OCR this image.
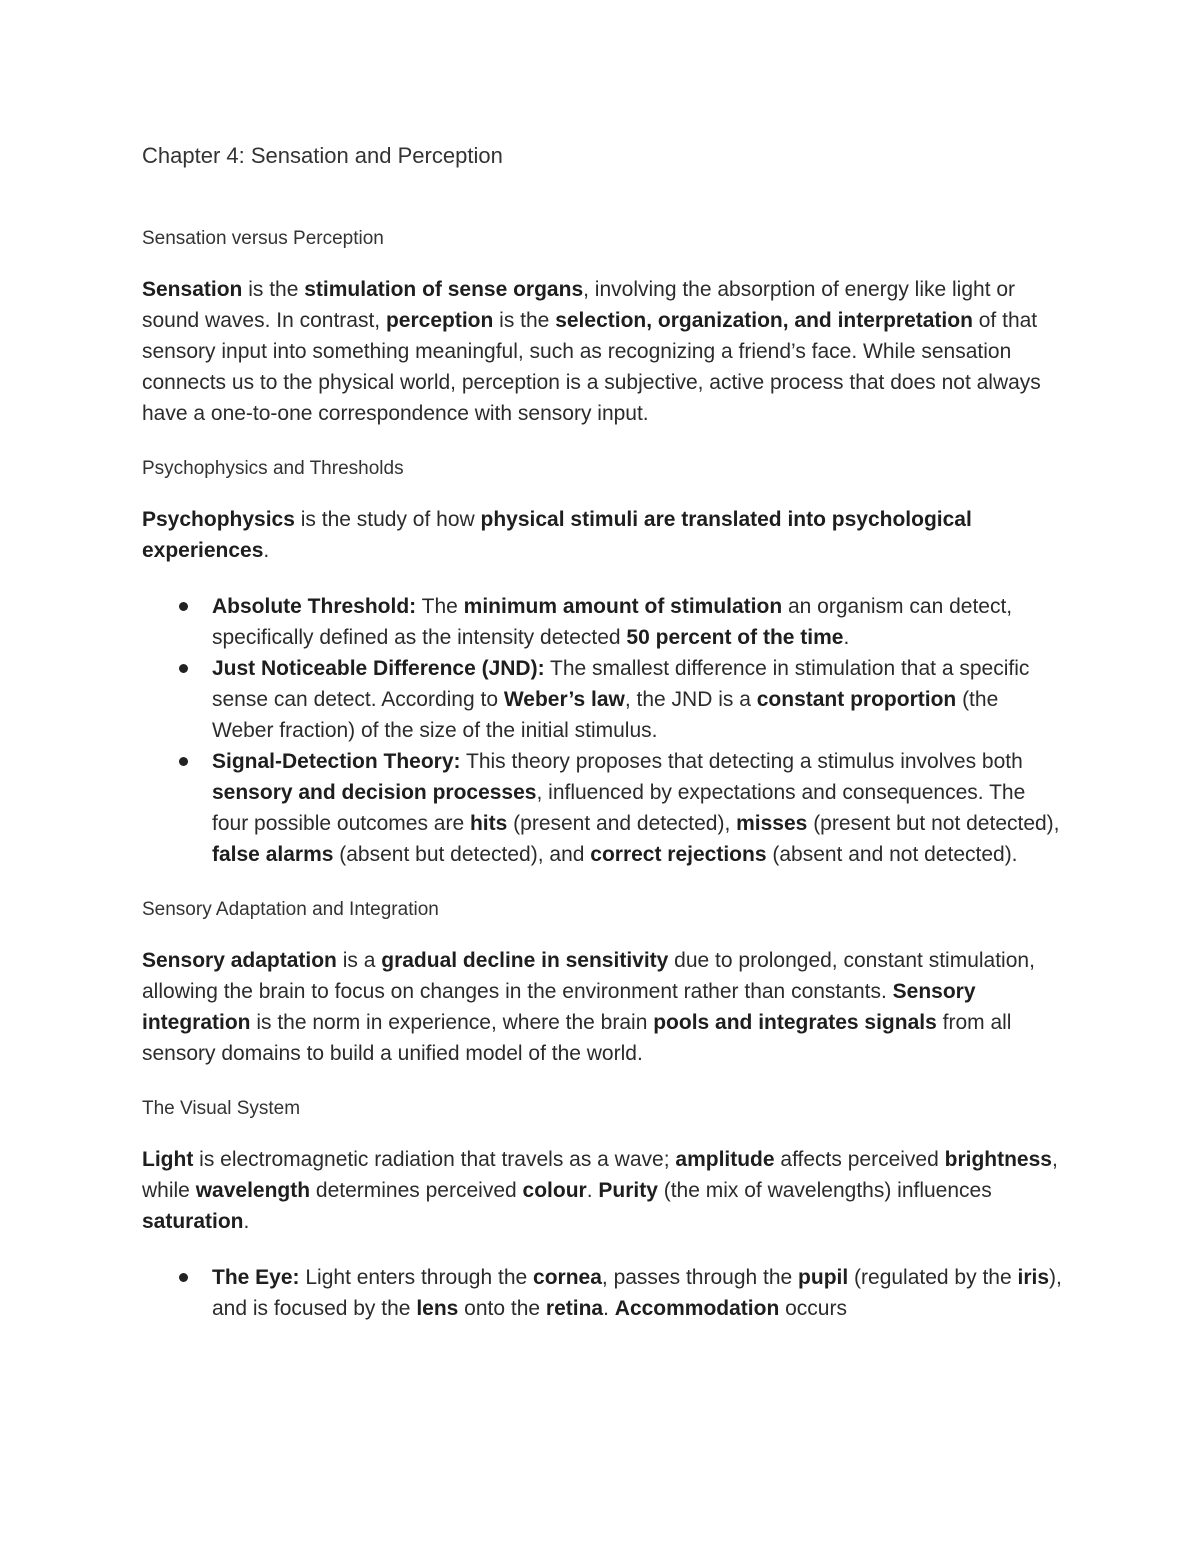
Chapter 4: Sensation and Perception
Sensation versus Perception

Sensation is the stimulation of sense organs, involving the absorption of energy like light or sound waves. In contrast, perception is the selection, organization, and interpretation of that sensory input into something meaningful, such as recognizing a friend’s face. While sensation connects us to the physical world, perception is a subjective, active process that does not always have a one-to-one correspondence with sensory input.

Psychophysics and Thresholds

Psychophysics is the study of how physical stimuli are translated into psychological experiences.

Absolute Threshold: The minimum amount of stimulation an organism can detect, specifically defined as the intensity detected 50 percent of the time.
Just Noticeable Difference (JND): The smallest difference in stimulation that a specific sense can detect. According to Weber’s law, the JND is a constant proportion (the Weber fraction) of the size of the initial stimulus.
Signal-Detection Theory: This theory proposes that detecting a stimulus involves both sensory and decision processes, influenced by expectations and consequences. The four possible outcomes are hits (present and detected), misses (present but not detected), false alarms (absent but detected), and correct rejections (absent and not detected).
Sensory Adaptation and Integration

Sensory adaptation is a gradual decline in sensitivity due to prolonged, constant stimulation, allowing the brain to focus on changes in the environment rather than constants. Sensory integration is the norm in experience, where the brain pools and integrates signals from all sensory domains to build a unified model of the world.

The Visual System

Light is electromagnetic radiation that travels as a wave; amplitude affects perceived brightness, while wavelength determines perceived colour. Purity (the mix of wavelengths) influences saturation.

The Eye: Light enters through the cornea, passes through the pupil (regulated by the iris), and is focused by the lens onto the retina. Accommodation occurs
